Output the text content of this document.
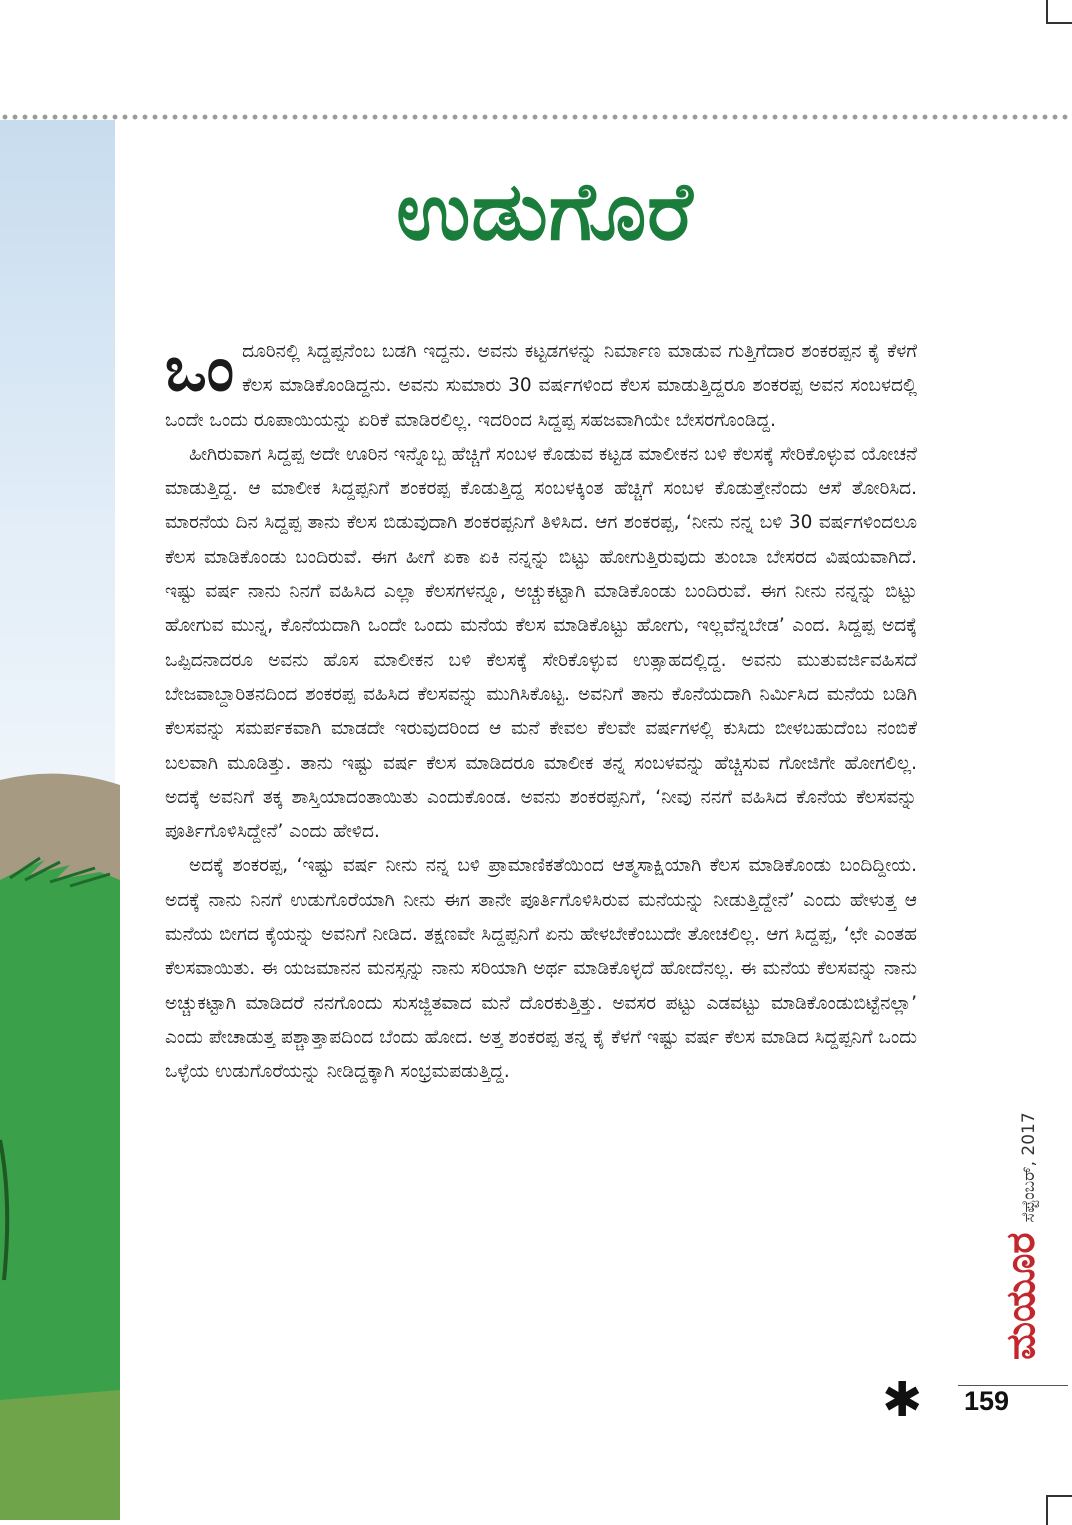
ಉಡುಗೊರೆ

ಒಂದೂರಿನಲ್ಲಿ ಸಿದ್ದಪ್ಪನೆಂಬ ಬಡಗಿ ಇದ್ದನು. ಅವನು ಕಟ್ಟಡಗಳನ್ನು ನಿರ್ಮಾಣ ಮಾಡುವ ಗುತ್ತಿಗೆದಾರ ಶಂಕರಪ್ಪನ ಕೈ ಕೆಳಗೆ ಕೆಲಸ ಮಾಡಿಕೊಂಡಿದ್ದನು. ಅವನು ಸುಮಾರು 30 ವರ್ಷಗಳಿಂದ ಕೆಲಸ ಮಾಡುತ್ತಿದ್ದರೂ ಶಂಕರಪ್ಪ ಅವನ ಸಂಬಳದಲ್ಲಿ ಒಂದೇ ಒಂದು ರೂಪಾಯಿಯನ್ನು ಏರಿಕೆ ಮಾಡಿರಲಿಲ್ಲ. ಇದರಿಂದ ಸಿದ್ದಪ್ಪ ಸಹಜವಾಗಿಯೇ ಬೇಸರಗೊಂಡಿದ್ದ.

ಹೀಗಿರುವಾಗ ಸಿದ್ದಪ್ಪ ಅದೇ ಊರಿನ ಇನ್ನೊಬ್ಬ ಹೆಚ್ಚಿಗೆ ಸಂಬಳ ಕೊಡುವ ಕಟ್ಟಡ ಮಾಲೀಕನ ಬಳಿ ಕೆಲಸಕ್ಕೆ ಸೇರಿಕೊಳ್ಳುವ ಯೋಚನೆ ಮಾಡುತ್ತಿದ್ದ. ಆ ಮಾಲೀಕ ಸಿದ್ದಪ್ಪನಿಗೆ ಶಂಕರಪ್ಪ ಕೊಡುತ್ತಿದ್ದ ಸಂಬಳಕ್ಕಿಂತ ಹೆಚ್ಚಿಗೆ ಸಂಬಳ ಕೊಡುತ್ತೇನೆಂದು ಆಸೆ ತೋರಿಸಿದ. ಮಾರನೆಯ ದಿನ ಸಿದ್ದಪ್ಪ ತಾನು ಕೆಲಸ ಬಿಡುವುದಾಗಿ ಶಂಕರಪ್ಪನಿಗೆ ತಿಳಿಸಿದ. ಆಗ ಶಂಕರಪ್ಪ, ‘ನೀನು ನನ್ನ ಬಳಿ 30 ವರ್ಷಗಳಿಂದಲೂ ಕೆಲಸ ಮಾಡಿಕೊಂಡು ಬಂದಿರುವೆ. ಈಗ ಹೀಗೆ ಏಕಾ ಏಕಿ ನನ್ನನ್ನು ಬಿಟ್ಟು ಹೋಗುತ್ತಿರುವುದು ತುಂಬಾ ಬೇಸರದ ವಿಷಯವಾಗಿದೆ. ಇಷ್ಟು ವರ್ಷ ನಾನು ನಿನಗೆ ವಹಿಸಿದ ಎಲ್ಲಾ ಕೆಲಸಗಳನ್ನೂ, ಅಚ್ಚುಕಟ್ಟಾಗಿ ಮಾಡಿಕೊಂಡು ಬಂದಿರುವೆ. ಈಗ ನೀನು ನನ್ನನ್ನು ಬಿಟ್ಟು ಹೋಗುವ ಮುನ್ನ, ಕೊನೆಯದಾಗಿ ಒಂದೇ ಒಂದು ಮನೆಯ ಕೆಲಸ ಮಾಡಿಕೊಟ್ಟು ಹೋಗು, ಇಲ್ಲವೆನ್ನಬೇಡ’ ಎಂದ. ಸಿದ್ದಪ್ಪ ಅದಕ್ಕೆ ಒಪ್ಪಿದನಾದರೂ ಅವನು ಹೊಸ ಮಾಲೀಕನ ಬಳಿ ಕೆಲಸಕ್ಕೆ ಸೇರಿಕೊಳ್ಳುವ ಉತ್ಸಾಹದಲ್ಲಿದ್ದ. ಅವನು ಮುತುವರ್ಜಿವಹಿಸದೆ ಬೇಜವಾಬ್ದಾರಿತನದಿಂದ ಶಂಕರಪ್ಪ ವಹಿಸಿದ ಕೆಲಸವನ್ನು ಮುಗಿಸಿಕೊಟ್ಟ. ಅವನಿಗೆ ತಾನು ಕೊನೆಯದಾಗಿ ನಿರ್ಮಿಸಿದ ಮನೆಯ ಬಡಿಗಿ ಕೆಲಸವನ್ನು ಸಮರ್ಪಕವಾಗಿ ಮಾಡದೇ ಇರುವುದರಿಂದ ಆ ಮನೆ ಕೇವಲ ಕೆಲವೇ ವರ್ಷಗಳಲ್ಲಿ ಕುಸಿದು ಬೀಳಬಹುದೆಂಬ ನಂಬಿಕೆ ಬಲವಾಗಿ ಮೂಡಿತ್ತು. ತಾನು ಇಷ್ಟು ವರ್ಷ ಕೆಲಸ ಮಾಡಿದರೂ ಮಾಲೀಕ ತನ್ನ ಸಂಬಳವನ್ನು ಹೆಚ್ಚಿಸುವ ಗೋಜಿಗೇ ಹೋಗಲಿಲ್ಲ. ಅದಕ್ಕೆ ಅವನಿಗೆ ತಕ್ಕ ಶಾಸ್ತಿಯಾದಂತಾಯಿತು ಎಂದುಕೊಂಡ. ಅವನು ಶಂಕರಪ್ಪನಿಗೆ, ‘ನೀವು ನನಗೆ ವಹಿಸಿದ ಕೊನೆಯ ಕೆಲಸವನ್ನು ಪೂರ್ತಿಗೊಳಿಸಿದ್ದೇನೆ’ ಎಂದು ಹೇಳಿದ.

ಅದಕ್ಕೆ ಶಂಕರಪ್ಪ, ‘ಇಷ್ಟು ವರ್ಷ ನೀನು ನನ್ನ ಬಳಿ ಪ್ರಾಮಾಣಿಕತೆಯಿಂದ ಆತ್ಮಸಾಕ್ಷಿಯಾಗಿ ಕೆಲಸ ಮಾಡಿಕೊಂಡು ಬಂದಿದ್ದೀಯ. ಅದಕ್ಕೆ ನಾನು ನಿನಗೆ ಉಡುಗೊರೆಯಾಗಿ ನೀನು ಈಗ ತಾನೇ ಪೂರ್ತಿಗೊಳಿಸಿರುವ ಮನೆಯನ್ನು ನೀಡುತ್ತಿದ್ದೇನೆ’ ಎಂದು ಹೇಳುತ್ತ ಆ ಮನೆಯ ಬೀಗದ ಕೈಯನ್ನು ಅವನಿಗೆ ನೀಡಿದ. ತಕ್ಷಣವೇ ಸಿದ್ದಪ್ಪನಿಗೆ ಏನು ಹೇಳಬೇಕೆಂಬುದೇ ತೋಚಲಿಲ್ಲ. ಆಗ ಸಿದ್ದಪ್ಪ, ‘ಛೇ ಎಂತಹ ಕೆಲಸವಾಯಿತು. ಈ ಯಜಮಾನನ ಮನಸ್ಸನ್ನು ನಾನು ಸರಿಯಾಗಿ ಅರ್ಥ ಮಾಡಿಕೊಳ್ಳದೆ ಹೋದೆನಲ್ಲ. ಈ ಮನೆಯ ಕೆಲಸವನ್ನು ನಾನು ಅಚ್ಚುಕಟ್ಟಾಗಿ ಮಾಡಿದರೆ ನನಗೊಂದು ಸುಸಜ್ಜಿತವಾದ ಮನೆ ದೊರಕುತ್ತಿತ್ತು. ಅವಸರ ಪಟ್ಟು ಎಡವಟ್ಟು ಮಾಡಿಕೊಂಡುಬಿಟ್ಟೆನಲ್ಲಾ’ ಎಂದು ಪೇಚಾಡುತ್ತ ಪಶ್ಚಾತ್ತಾಪದಿಂದ ಬೆಂದು ಹೋದ. ಅತ್ತ ಶಂಕರಪ್ಪ ತನ್ನ ಕೈ ಕೆಳಗೆ ಇಷ್ಟು ವರ್ಷ ಕೆಲಸ ಮಾಡಿದ ಸಿದ್ದಪ್ಪನಿಗೆ ಒಂದು ಒಳ್ಳೆಯ ಉಡುಗೊರೆಯನ್ನು ನೀಡಿದ್ದಕ್ಕಾಗಿ ಸಂಭ್ರಮಪಡುತ್ತಿದ್ದ.

✱
ಮಯೂರ
ಸೆಪ್ಟೆಂಬರ್, 2017
159
